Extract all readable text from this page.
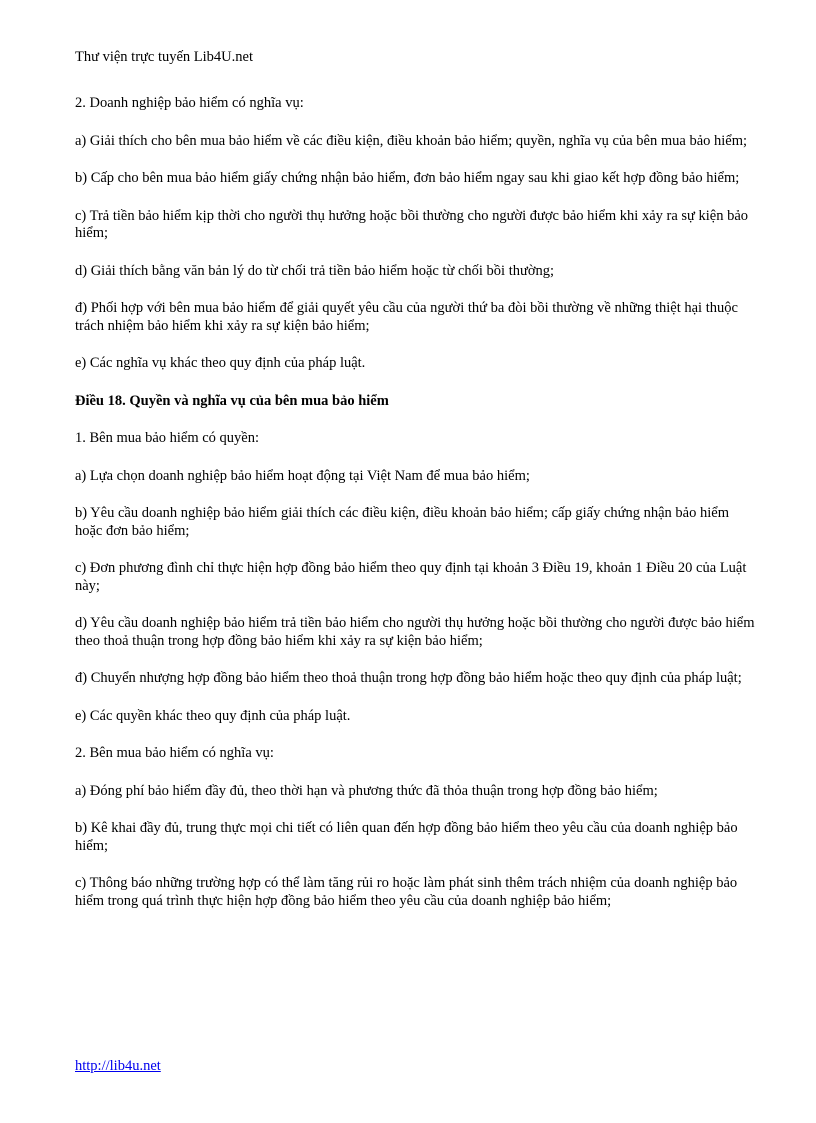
Thư viện trực tuyến Lib4U.net

2. Doanh nghiệp bảo hiểm có nghĩa vụ:

a) Giải thích cho bên mua bảo hiểm về các điều kiện, điều khoản bảo hiểm; quyền, nghĩa vụ của bên mua bảo hiểm;

b) Cấp cho bên mua bảo hiểm giấy chứng nhận bảo hiểm, đơn bảo hiểm ngay sau khi giao kết hợp đồng bảo hiểm;

c) Trả tiền bảo hiểm kịp thời cho người thụ hưởng hoặc bồi thường cho người được bảo hiểm khi xảy ra sự kiện bảo hiểm;

d) Giải thích bằng văn bản lý do từ chối trả tiền bảo hiểm hoặc từ chối bồi thường;

đ) Phối hợp với bên mua bảo hiểm để giải quyết yêu cầu của người thứ ba đòi bồi thường về những thiệt hại thuộc trách nhiệm bảo hiểm khi xảy ra sự kiện bảo hiểm;

e) Các nghĩa vụ khác theo quy định của pháp luật.

Điều 18. Quyền và nghĩa vụ của bên mua bảo hiểm

1. Bên mua bảo hiểm có quyền:

a) Lựa chọn doanh nghiệp bảo hiểm hoạt động tại Việt Nam để mua bảo hiểm;

b) Yêu cầu doanh nghiệp bảo hiểm giải thích các điều kiện, điều khoản bảo hiểm; cấp giấy chứng nhận bảo hiểm hoặc đơn bảo hiểm;

c) Đơn phương đình chỉ thực hiện hợp đồng bảo hiểm theo quy định tại khoản 3 Điều 19, khoản 1 Điều 20 của Luật này;

d) Yêu cầu doanh nghiệp bảo hiểm trả tiền bảo hiểm cho người thụ hưởng hoặc bồi thường cho người được bảo hiểm theo thoả thuận trong hợp đồng bảo hiểm khi xảy ra sự kiện bảo hiểm;

đ) Chuyển nhượng hợp đồng bảo hiểm theo thoả thuận trong hợp đồng bảo hiểm hoặc theo quy định của pháp luật;

e) Các quyền khác theo quy định của pháp luật.

2. Bên mua bảo hiểm có nghĩa vụ:

a) Đóng phí bảo hiểm đầy đủ, theo thời hạn và phương thức đã thỏa thuận trong hợp đồng bảo hiểm;

b) Kê khai đầy đủ, trung thực mọi chi tiết có liên quan đến hợp đồng bảo hiểm theo yêu cầu của doanh nghiệp bảo hiểm;

c) Thông báo những trường hợp có thể làm tăng rủi ro hoặc làm phát sinh thêm trách nhiệm của doanh nghiệp bảo hiểm trong quá trình thực hiện hợp đồng bảo hiểm theo yêu cầu của doanh nghiệp bảo hiểm;

http://lib4u.net
